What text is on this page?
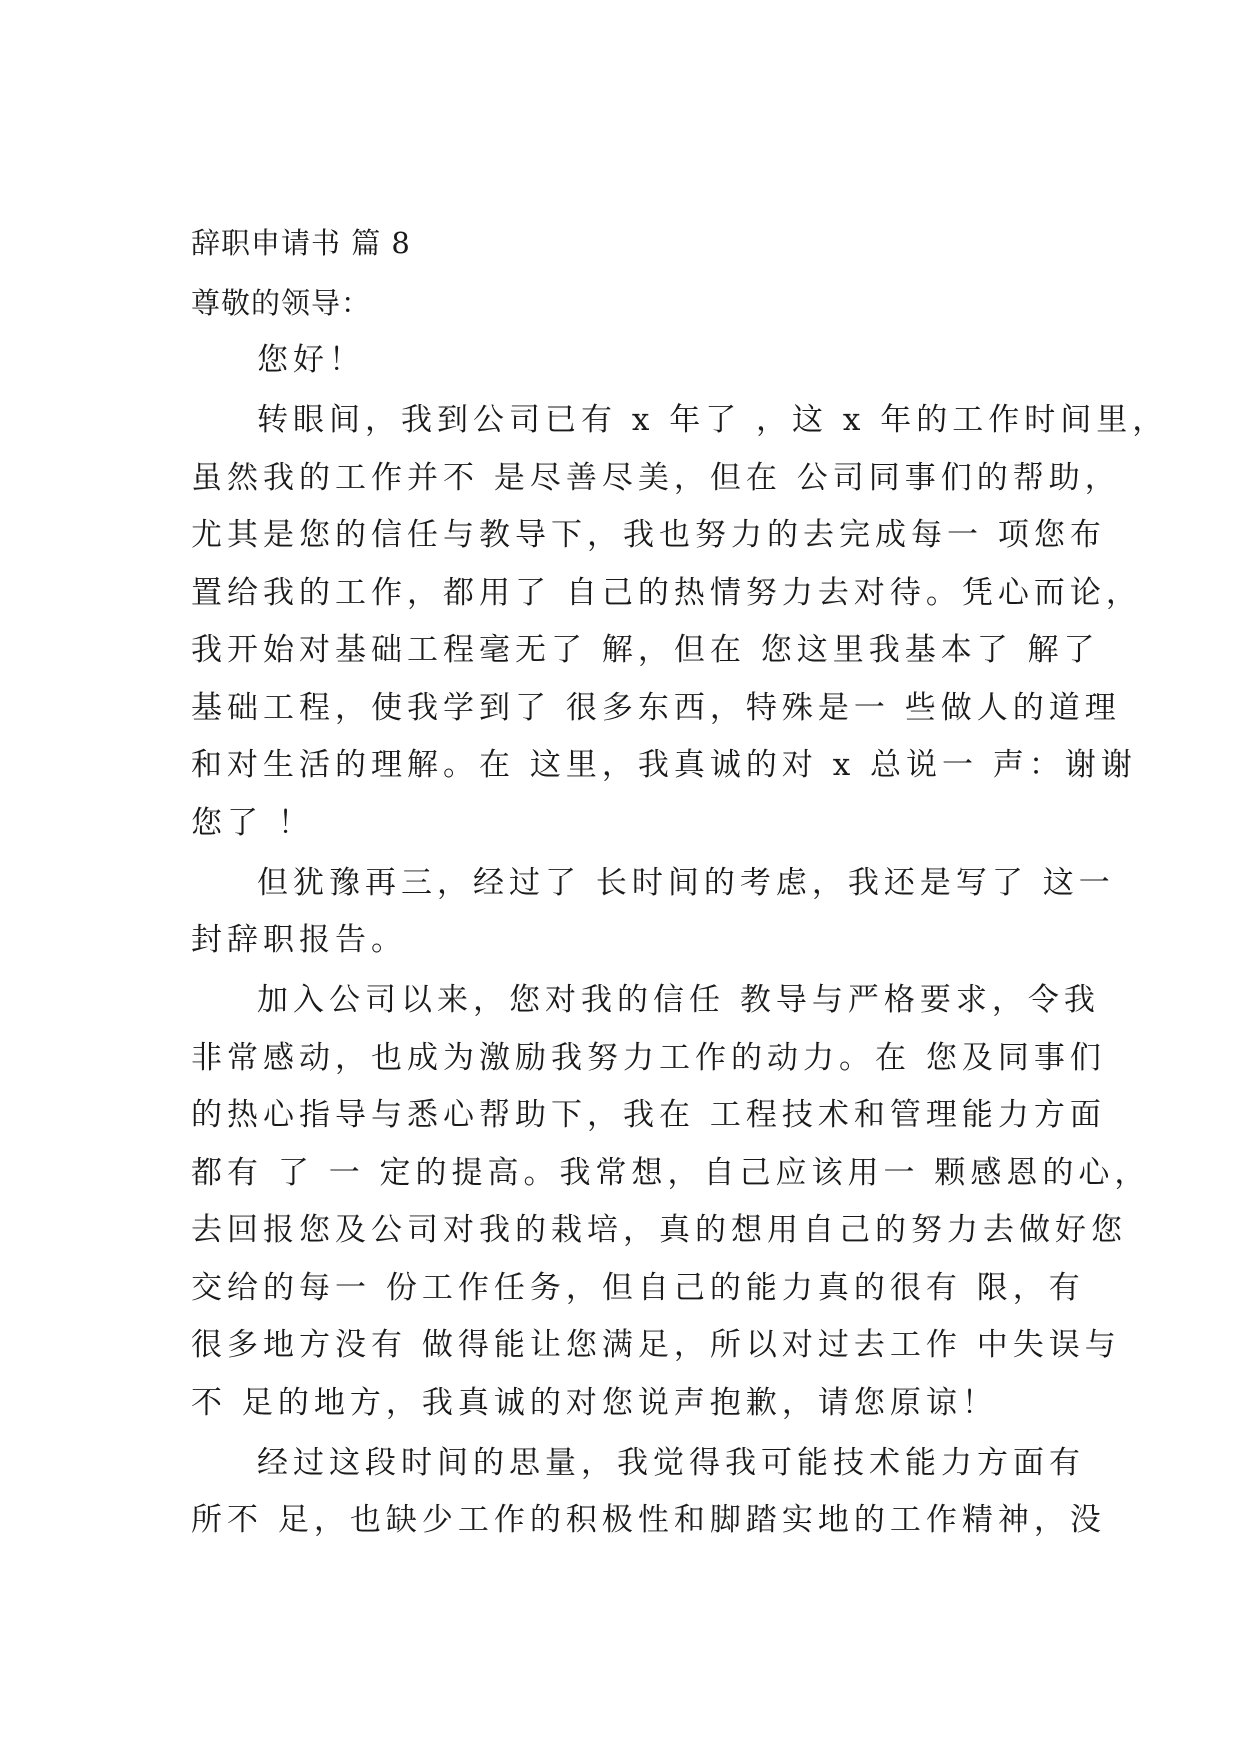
辞职申请书 篇 8
尊敬的领导：
您好！
转眼间，我到公司已有 x 年了 ，这 x 年的工作时间里，
虽然我的工作并不 是尽善尽美，但在 公司同事们的帮助，
尤其是您的信任与教导下，我也努力的去完成每一 项您布
置给我的工作，都用了 自己的热情努力去对待。凭心而论，
我开始对基础工程毫无了 解，但在 您这里我基本了 解了
基础工程，使我学到了 很多东西，特殊是一 些做人的道理
和对生活的理解。在 这里，我真诚的对 x 总说一 声：谢谢
您了 ！
但犹豫再三，经过了 长时间的考虑，我还是写了 这一
封辞职报告。
加入公司以来，您对我的信任 教导与严格要求，令我
非常感动，也成为激励我努力工作的动力。在 您及同事们
的热心指导与悉心帮助下，我在 工程技术和管理能力方面
都有 了 一 定的提高。我常想，自己应该用一 颗感恩的心，
去回报您及公司对我的栽培，真的想用自己的努力去做好您
交给的每一 份工作任务，但自己的能力真的很有 限，有
很多地方没有 做得能让您满足，所以对过去工作 中失误与
不 足的地方，我真诚的对您说声抱歉，请您原谅！
经过这段时间的思量，我觉得我可能技术能力方面有
所不 足，也缺少工作的积极性和脚踏实地的工作精神，没
